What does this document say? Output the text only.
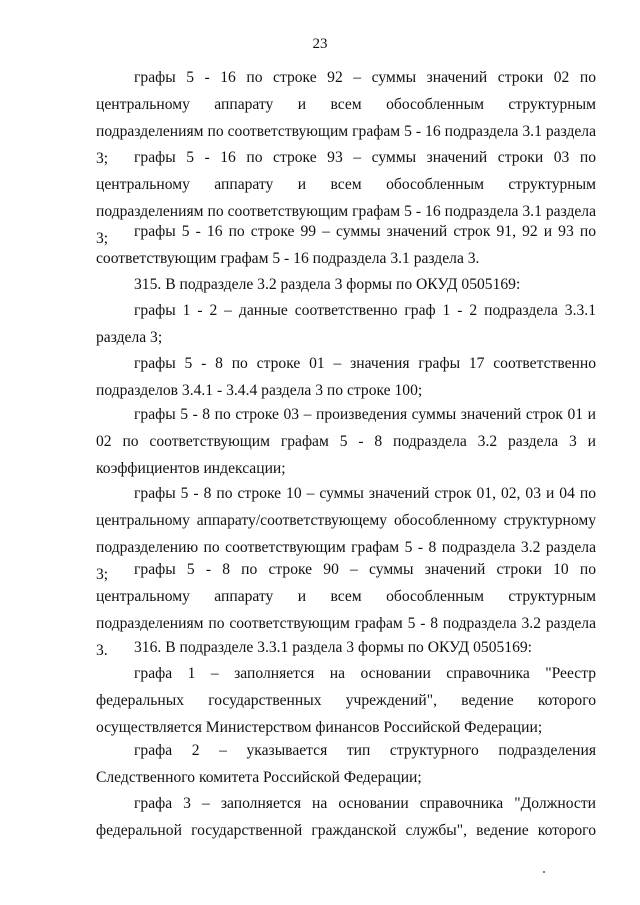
23

графы 5 - 16 по строке 92 – суммы значений строки 02 по центральному аппарату и всем обособленным структурным подразделениям по соответствующим графам 5 - 16 подраздела 3.1 раздела 3;	графы 5 - 16 по строке 93 – суммы значений строки 03 по центральному аппарату и всем обособленным структурным подразделениям по соответствующим графам 5 - 16 подраздела 3.1 раздела 3;	графы 5 - 16 по строке 99 – суммы значений строк 91, 92 и 93 по соответствующим графам 5 - 16 подраздела 3.1 раздела 3.

315. В подразделе 3.2 раздела 3 формы по ОКУД 0505169:

графы 1 - 2 – данные соответственно граф 1 - 2 подраздела 3.3.1 раздела 3;

графы 5 - 8 по строке 01 – значения графы 17 соответственно подразделов 3.4.1 - 3.4.4 раздела 3 по строке 100;

графы 5 - 8 по строке 03 – произведения суммы значений строк 01 и 02 по соответствующим графам 5 - 8 подраздела 3.2 раздела 3 и коэффициентов индексации;

графы 5 - 8 по строке 10 – суммы значений строк 01, 02, 03 и 04 по центральному аппарату/соответствующему обособленному структурному подразделению по соответствующим графам 5 - 8 подраздела 3.2 раздела 3;	графы 5 - 8 по строке 90 – суммы значений строки 10 по центральному аппарату и всем обособленным структурным подразделениям по соответствующим графам 5 - 8 подраздела 3.2 раздела 3.	316. В подразделе 3.3.1 раздела 3 формы по ОКУД 0505169:

графа 1 – заполняется на основании справочника "Реестр федеральных государственных учреждений", ведение которого осуществляется Министерством финансов Российской Федерации;

графа 2 – указывается тип структурного подразделения Следственного комитета Российской Федерации;

графа 3 – заполняется на основании справочника "Должности федеральной государственной гражданской службы", ведение которого
